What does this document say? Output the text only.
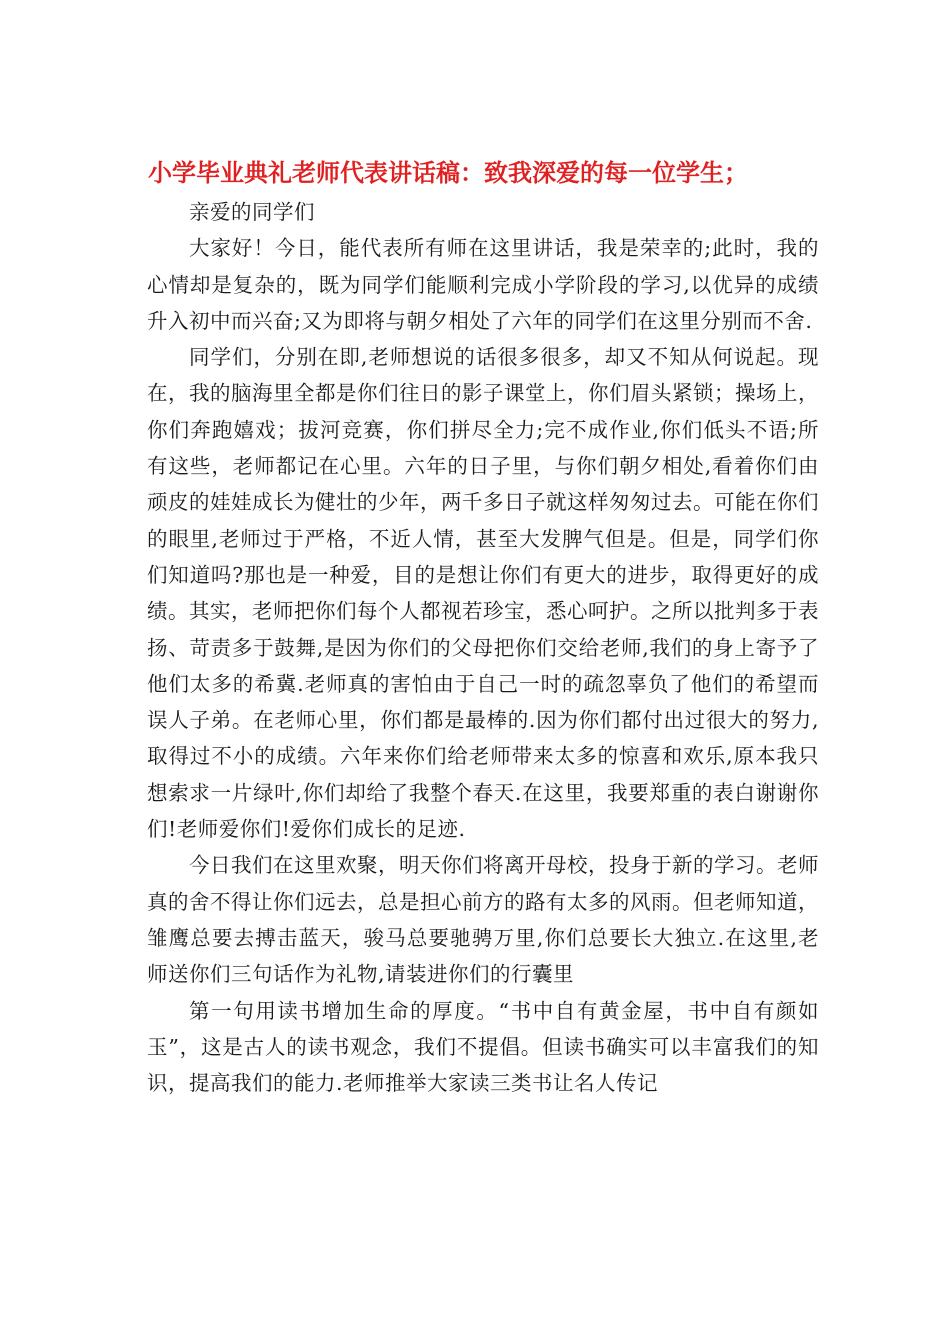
小学毕业典礼老师代表讲话稿：致我深爱的每一位学生；

亲爱的同学们

大家好！今日，能代表所有师在这里讲话，我是荣幸的;此时，我的心情却是复杂的，既为同学们能顺利完成小学阶段的学习,以优异的成绩升入初中而兴奋;又为即将与朝夕相处了六年的同学们在这里分别而不舍.

同学们，分别在即,老师想说的话很多很多，却又不知从何说起。现在，我的脑海里全都是你们往日的影子课堂上，你们眉头紧锁；操场上，你们奔跑嬉戏；拔河竞赛，你们拼尽全力;完不成作业,你们低头不语;所有这些，老师都记在心里。六年的日子里，与你们朝夕相处,看着你们由顽皮的娃娃成长为健壮的少年，两千多日子就这样匆匆过去。可能在你们的眼里,老师过于严格，不近人情，甚至大发脾气但是。但是，同学们你们知道吗?那也是一种爱，目的是想让你们有更大的进步，取得更好的成绩。其实，老师把你们每个人都视若珍宝，悉心呵护。之所以批判多于表扬、苛责多于鼓舞,是因为你们的父母把你们交给老师,我们的身上寄予了他们太多的希冀.老师真的害怕由于自己一时的疏忽辜负了他们的希望而误人子弟。在老师心里，你们都是最棒的.因为你们都付出过很大的努力,取得过不小的成绩。六年来你们给老师带来太多的惊喜和欢乐,原本我只想索求一片绿叶,你们却给了我整个春天.在这里，我要郑重的表白谢谢你们!老师爱你们!爱你们成长的足迹.

今日我们在这里欢聚，明天你们将离开母校，投身于新的学习。老师真的舍不得让你们远去，总是担心前方的路有太多的风雨。但老师知道，雏鹰总要去搏击蓝天，骏马总要驰骋万里,你们总要长大独立.在这里,老师送你们三句话作为礼物,请装进你们的行囊里

第一句用读书增加生命的厚度。“书中自有黄金屋，书中自有颜如玉”，这是古人的读书观念，我们不提倡。但读书确实可以丰富我们的知识，提高我们的能力.老师推举大家读三类书让名人传记
